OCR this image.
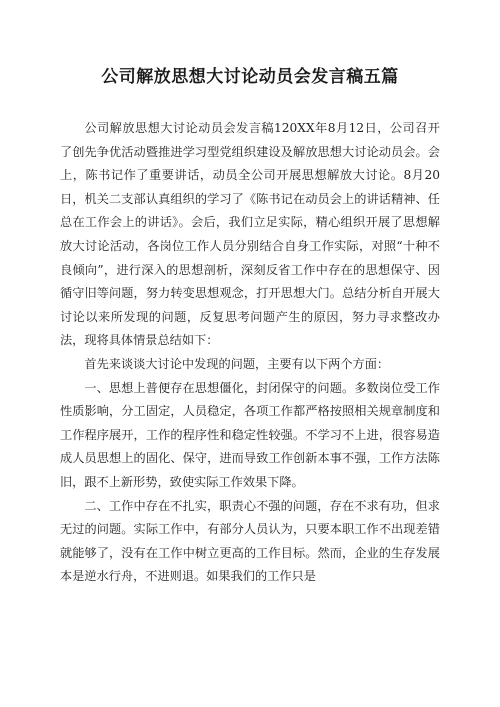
公司解放思想大讨论动员会发言稿五篇

公司解放思想大讨论动员会发言稿120XX年8月12日，公司召开了创先争优活动暨推进学习型党组织建设及解放思想大讨论动员会。会上，陈书记作了重要讲话，动员全公司开展思想解放大讨论。8月20日，机关二支部认真组织的学习了《陈书记在动员会上的讲话精神、任总在工作会上的讲话》。会后，我们立足实际，精心组织开展了思想解放大讨论活动，各岗位工作人员分别结合自身工作实际，对照“十种不良倾向”，进行深入的思想剖析，深刻反省工作中存在的思想保守、因循守旧等问题，努力转变思想观念，打开思想大门。总结分析自开展大讨论以来所发现的问题，反复思考问题产生的原因，努力寻求整改办法，现将具体情景总结如下：

首先来谈谈大讨论中发现的问题，主要有以下两个方面：

一、思想上普便存在思想僵化，封闭保守的问题。多数岗位受工作性质影响，分工固定，人员稳定，各项工作都严格按照相关规章制度和工作程序展开，工作的程序性和稳定性较强。不学习不上进，很容易造成人员思想上的固化、保守，进而导致工作创新本事不强，工作方法陈旧，跟不上新形势，致使实际工作效果下降。

二、工作中存在不扎实，职责心不强的问题，存在不求有功，但求无过的问题。实际工作中，有部分人员认为，只要本职工作不出现差错就能够了，没有在工作中树立更高的工作目标。然而，企业的生存发展本是逆水行舟，不进则退。如果我们的工作只是
